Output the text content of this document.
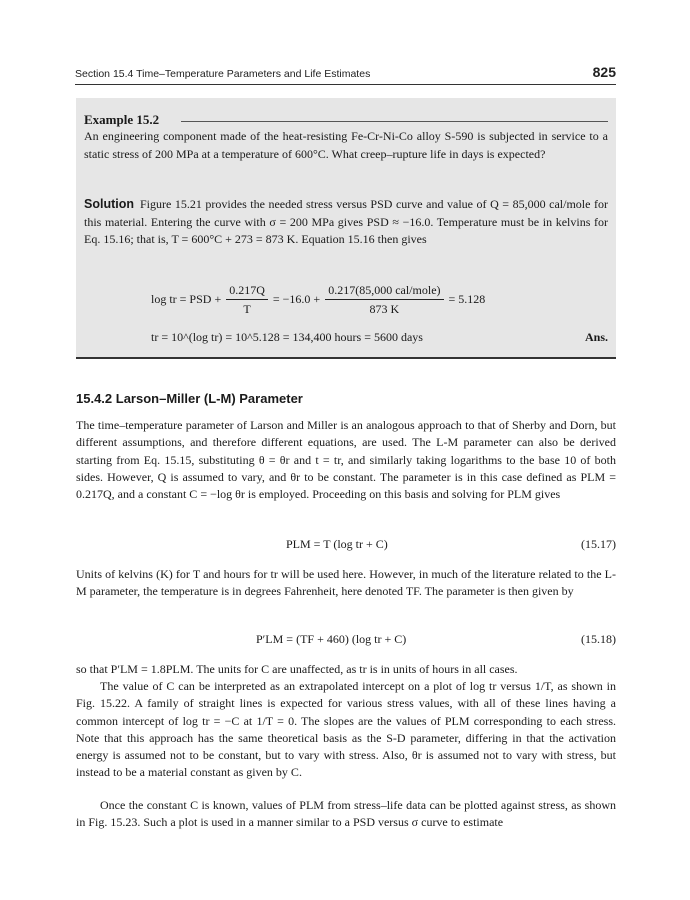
Section 15.4 Time–Temperature Parameters and Life Estimates	825
Example 15.2
An engineering component made of the heat-resisting Fe-Cr-Ni-Co alloy S-590 is subjected in service to a static stress of 200 MPa at a temperature of 600°C. What creep–rupture life in days is expected?
Solution Figure 15.21 provides the needed stress versus PSD curve and value of Q = 85,000 cal/mole for this material. Entering the curve with σ = 200 MPa gives PSD ≈ −16.0. Temperature must be in kelvins for Eq. 15.16; that is, T = 600°C + 273 = 873 K. Equation 15.16 then gives
log tr = PSD + $\frac{0.217Q}{T} = -16.0 + \frac{\text{0.217(85,000 cal/mole)}}{873 K} = 5.128$
tr = 10^(log tr) = 10^5.128 = 134,400 hours = 5600 days	Ans.
15.4.2 Larson–Miller (L-M) Parameter
The time–temperature parameter of Larson and Miller is an analogous approach to that of Sherby and Dorn, but different assumptions, and therefore different equations, are used. The L-M parameter can also be derived starting from Eq. 15.15, substituting θ = θr and t = tr, and similarly taking logarithms to the base 10 of both sides. However, Q is assumed to vary, and θr to be constant. The parameter is in this case defined as PLM = 0.217Q, and a constant C = −log θr is employed. Proceeding on this basis and solving for PLM gives
PLM = T (log tr + C)	(15.17)
Units of kelvins (K) for T and hours for tr will be used here. However, in much of the literature related to the L-M parameter, the temperature is in degrees Fahrenheit, here denoted TF. The parameter is then given by
P′LM = (TF + 460) (log tr + C)	(15.18)
so that P′LM = 1.8PLM. The units for C are unaffected, as tr is in units of hours in all cases.
The value of C can be interpreted as an extrapolated intercept on a plot of log tr versus 1/T, as shown in Fig. 15.22. A family of straight lines is expected for various stress values, with all of these lines having a common intercept of log tr = −C at 1/T = 0. The slopes are the values of PLM corresponding to each stress. Note that this approach has the same theoretical basis as the S-D parameter, differing in that the activation energy is assumed not to be constant, but to vary with stress. Also, θr is assumed not to vary with stress, but instead to be a material constant as given by C.
Once the constant C is known, values of PLM from stress–life data can be plotted against stress, as shown in Fig. 15.23. Such a plot is used in a manner similar to a PSD versus σ curve to estimate
